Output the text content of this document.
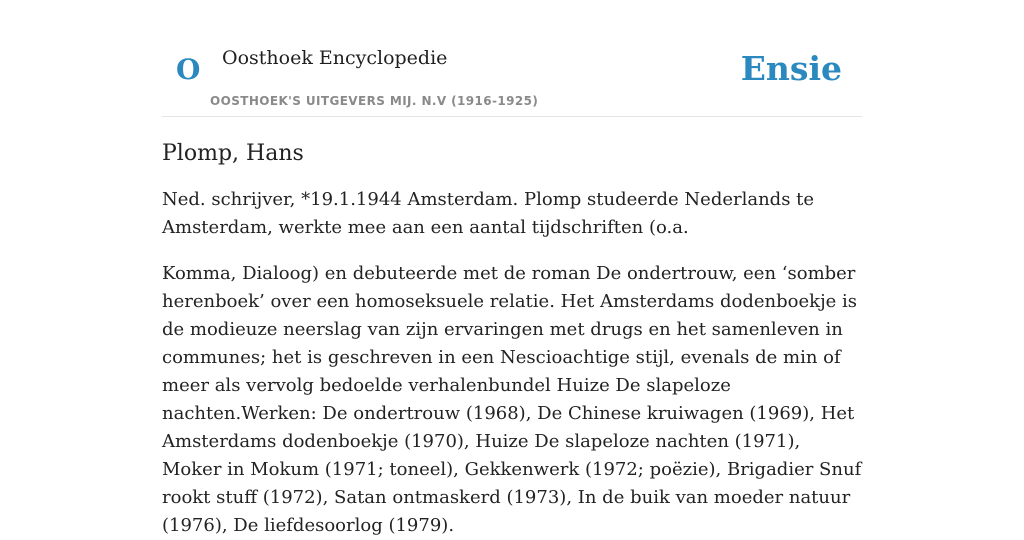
O Oosthoek Encyclopedie
OOSTHOEK'S UITGEVERS MIJ. N.V (1916-1925)
Ensie
Plomp, Hans

Ned. schrijver, *19.1.1944 Amsterdam. Plomp studeerde Nederlands te Amsterdam, werkte mee aan een aantal tijdschriften (o.a.

Komma, Dialoog) en debuteerde met de roman De ondertrouw, een ‘somber herenboek’ over een homoseksuele relatie. Het Amsterdams dodenboekje is de modieuze neerslag van zijn ervaringen met drugs en het samenleven in communes; het is geschreven in een Nescioachtige stijl, evenals de min of meer als vervolg bedoelde verhalenbundel Huize De slapeloze nachten.Werken: De ondertrouw (1968), De Chinese kruiwagen (1969), Het Amsterdams dodenboekje (1970), Huize De slapeloze nachten (1971), Moker in Mokum (1971; toneel), Gekkenwerk (1972; poëzie), Brigadier Snuf rookt stuff (1972), Satan ontmaskerd (1973), In de buik van moeder natuur (1976), De liefdesoorlog (1979).
